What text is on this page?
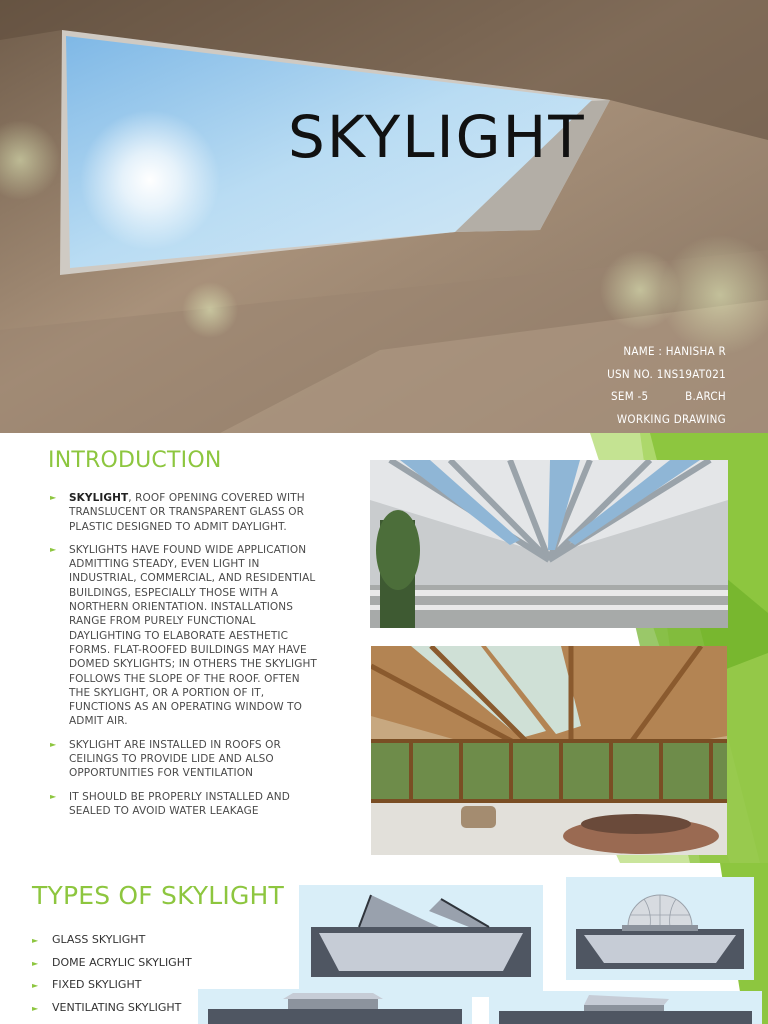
SKYLIGHT
NAME : HANISHA R
USN NO. 1NS19AT021
SEM -5	B.ARCH
WORKING DRAWING
INTRODUCTION
► SKYLIGHT, ROOF OPENING COVERED WITH TRANSLUCENT OR TRANSPARENT GLASS OR PLASTIC DESIGNED TO ADMIT DAYLIGHT.
► SKYLIGHTS HAVE FOUND WIDE APPLICATION ADMITTING STEADY, EVEN LIGHT IN INDUSTRIAL, COMMERCIAL, AND RESIDENTIAL BUILDINGS, ESPECIALLY THOSE WITH A NORTHERN ORIENTATION. INSTALLATIONS RANGE FROM PURELY FUNCTIONAL DAYLIGHTING TO ELABORATE AESTHETIC FORMS. FLAT-ROOFED BUILDINGS MAY HAVE DOMED SKYLIGHTS; IN OTHERS THE SKYLIGHT FOLLOWS THE SLOPE OF THE ROOF. OFTEN THE SKYLIGHT, OR A PORTION OF IT, FUNCTIONS AS AN OPERATING WINDOW TO ADMIT AIR.
► SKYLIGHT ARE INSTALLED IN ROOFS OR CEILINGS TO PROVIDE LIDE AND ALSO OPPORTUNITIES FOR VENTILATION
► IT SHOULD BE PROPERLY INSTALLED AND SEALED TO AVOID WATER LEAKAGE
TYPES OF SKYLIGHT
► GLASS SKYLIGHT
► DOME ACRYLIC SKYLIGHT
► FIXED SKYLIGHT
► VENTILATING SKYLIGHT
